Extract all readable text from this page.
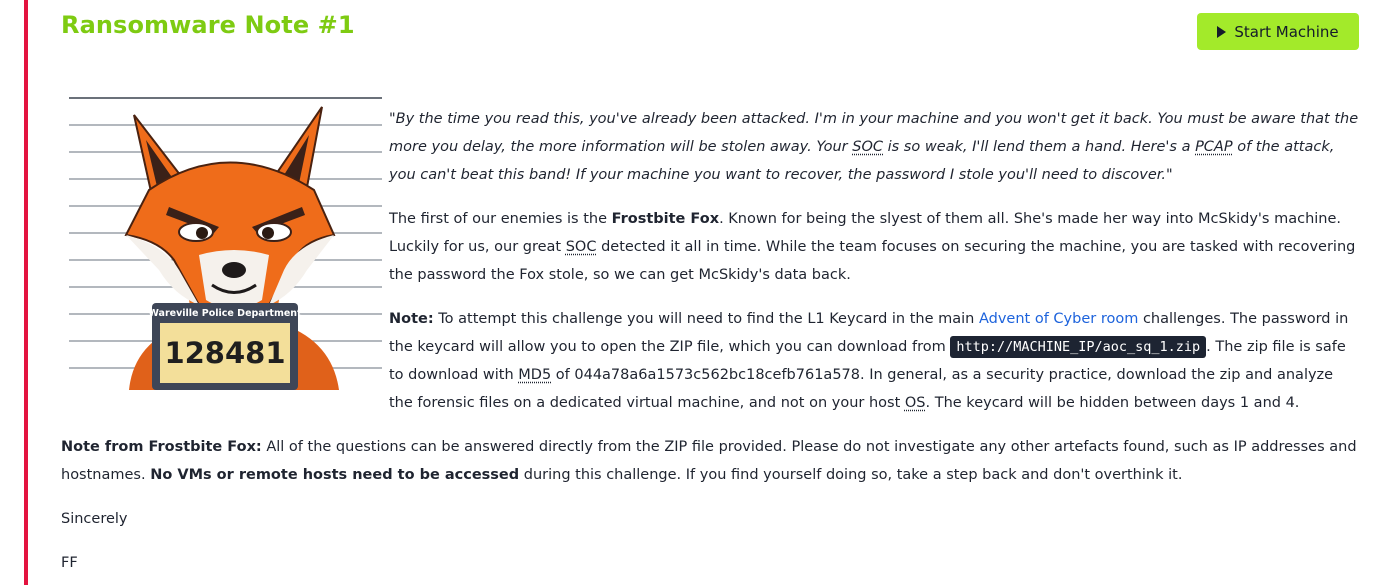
Ransomware Note #1	Start Machine
Wareville Police Department
128481

"By the time you read this, you've already been attacked. I'm in your machine and you won't get it back. You must be aware that the more you delay, the more information will be stolen away. Your SOC is so weak, I'll lend them a hand. Here's a PCAP of the attack, you can't beat this band! If your machine you want to recover, the password I stole you'll need to discover."

The first of our enemies is the Frostbite Fox. Known for being the slyest of them all. She's made her way into McSkidy's machine. Luckily for us, our great SOC detected it all in time. While the team focuses on securing the machine, you are tasked with recovering the password the Fox stole, so we can get McSkidy's data back.

Note: To attempt this challenge you will need to find the L1 Keycard in the main Advent of Cyber room challenges. The password in the keycard will allow you to open the ZIP file, which you can download from http://MACHINE_IP/aoc_sq_1.zip . The zip file is safe to download with MD5 of 044a78a6a1573c562bc18cefb761a578. In general, as a security practice, download the zip and analyze the forensic files on a dedicated virtual machine, and not on your host OS. The keycard will be hidden between days 1 and 4.

Note from Frostbite Fox: All of the questions can be answered directly from the ZIP file provided. Please do not investigate any other artefacts found, such as IP addresses and hostnames. No VMs or remote hosts need to be accessed during this challenge. If you find yourself doing so, take a step back and don't overthink it.

Sincerely

FF
